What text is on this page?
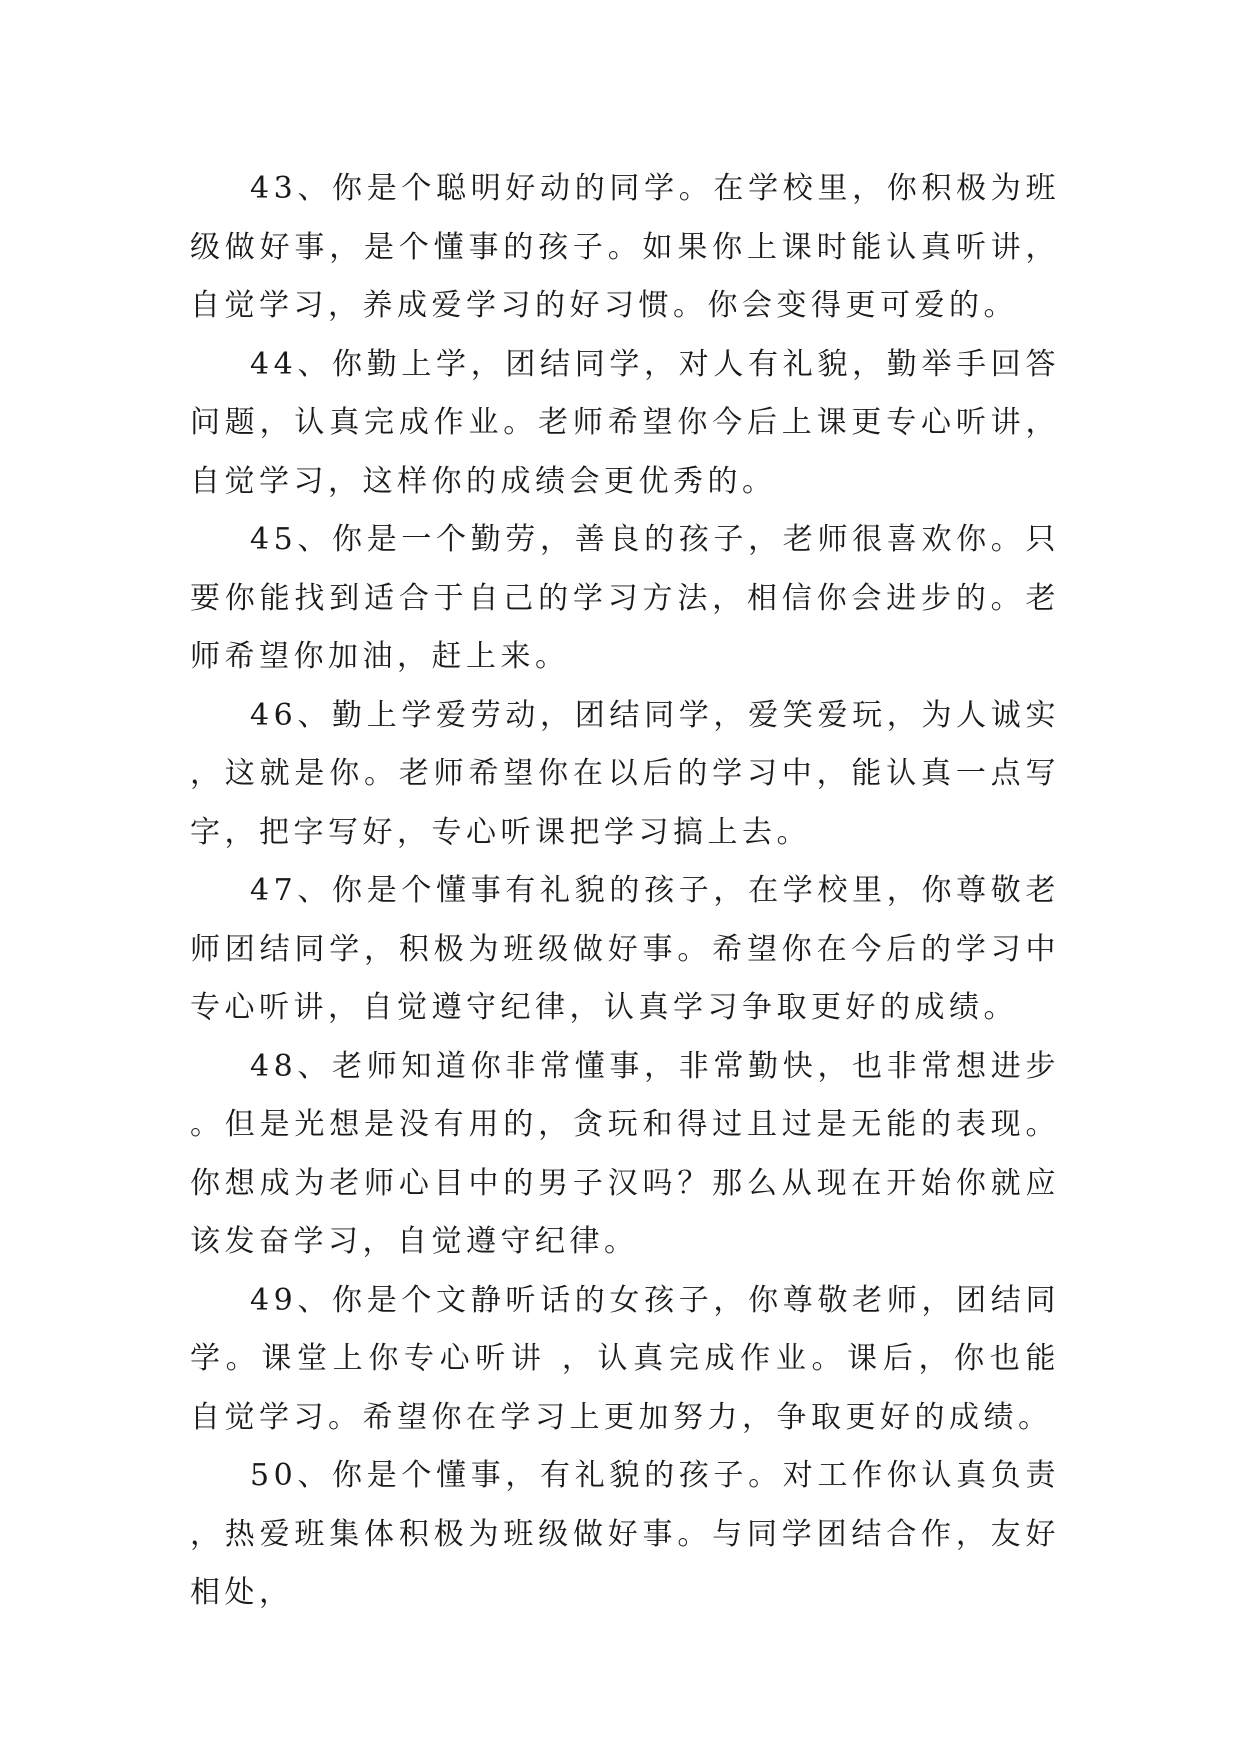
43、你是个聪明好动的同学。在学校里，你积极为班级做好事，是个懂事的孩子。如果你上课时能认真听讲，自觉学习，养成爱学习的好习惯。你会变得更可爱的。

44、你勤上学，团结同学，对人有礼貌，勤举手回答问题，认真完成作业。老师希望你今后上课更专心听讲，自觉学习，这样你的成绩会更优秀的。

45、你是一个勤劳，善良的孩子，老师很喜欢你。只要你能找到适合于自己的学习方法，相信你会进步的。老师希望你加油，赶上来。

46、勤上学爱劳动，团结同学，爱笑爱玩，为人诚实，这就是你。老师希望你在以后的学习中，能认真一点写字，把字写好，专心听课把学习搞上去。

47、你是个懂事有礼貌的孩子，在学校里，你尊敬老师团结同学，积极为班级做好事。希望你在今后的学习中专心听讲，自觉遵守纪律，认真学习争取更好的成绩。

48、老师知道你非常懂事，非常勤快，也非常想进步。但是光想是没有用的，贪玩和得过且过是无能的表现。你想成为老师心目中的男子汉吗？那么从现在开始你就应该发奋学习，自觉遵守纪律。

49、你是个文静听话的女孩子，你尊敬老师，团结同学。课堂上你专心听讲 ，认真完成作业。课后，你也能自觉学习。希望你在学习上更加努力，争取更好的成绩。

50、你是个懂事，有礼貌的孩子。对工作你认真负责，热爱班集体积极为班级做好事。与同学团结合作，友好相处，
